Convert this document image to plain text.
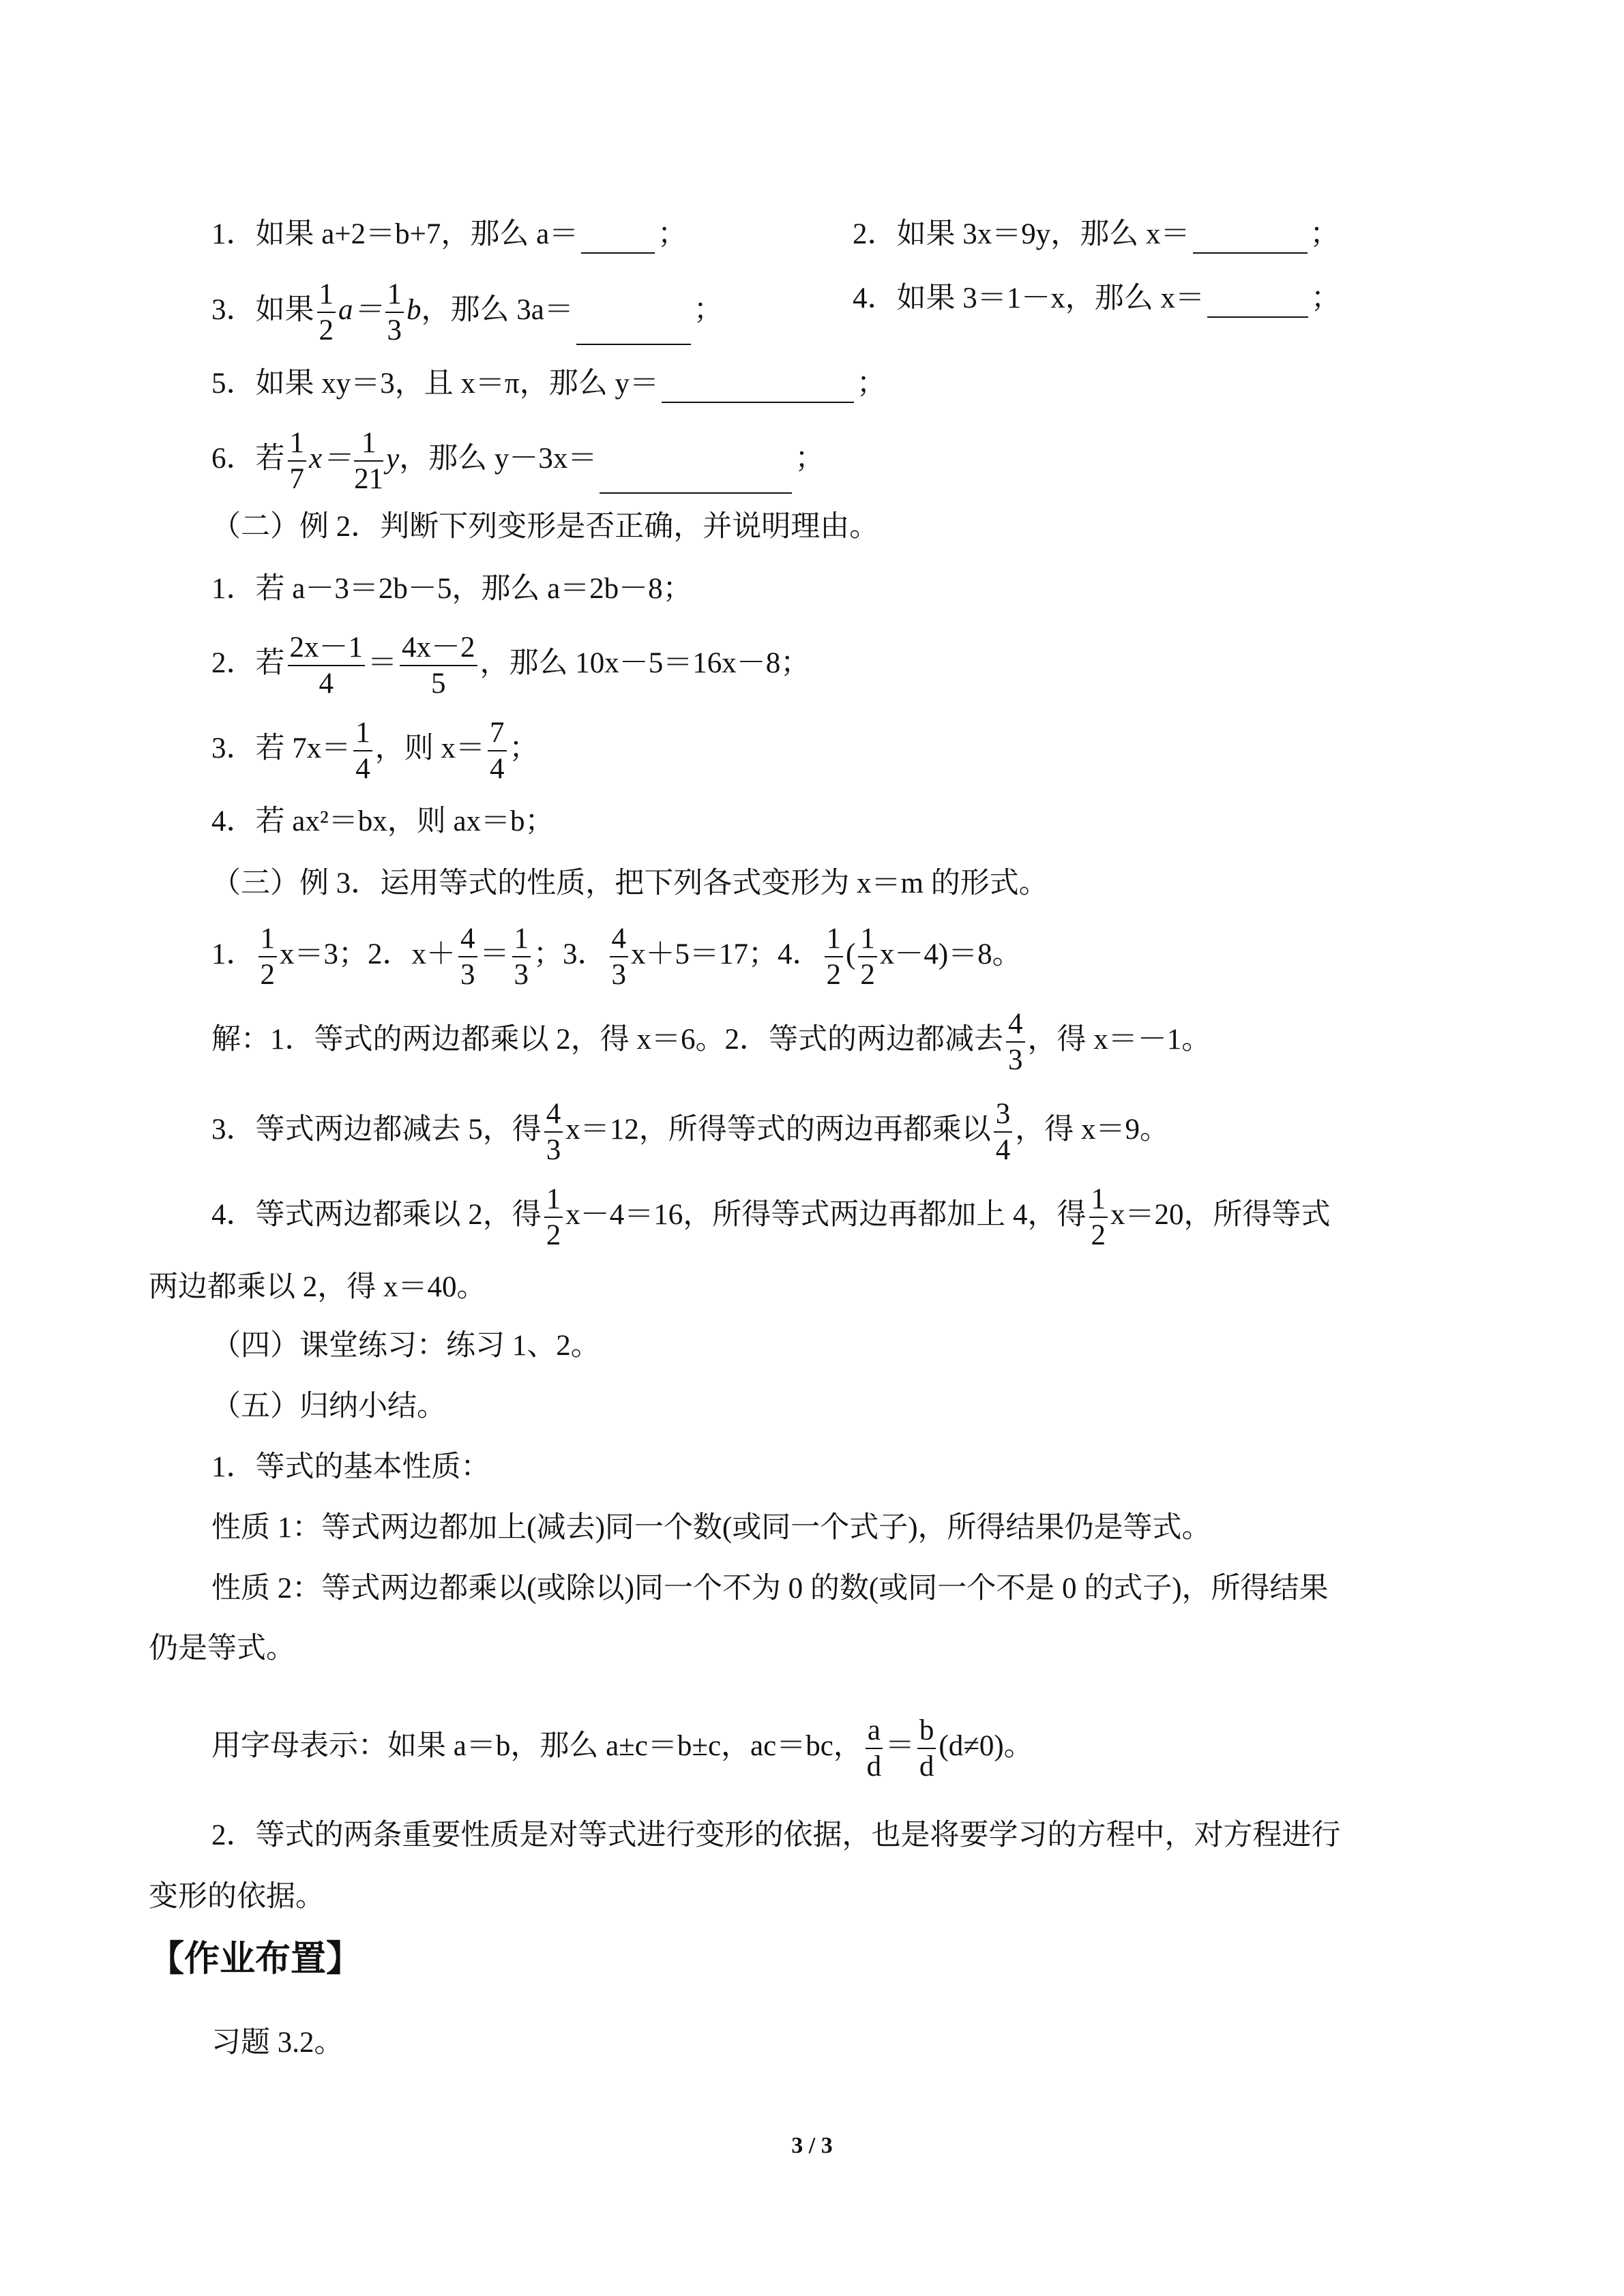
1．如果 a+2＝b+7，那么 a＝	；	2．如果 3x＝9y，那么 x＝	；
3．如果 $\frac{1}{2} a= \frac{1}{3}$ b，那么 3a＝	；	4．如果 3＝1－x，那么 x＝	；
5．如果 xy＝3，且 x＝π，那么 y＝	；
6．若 $\frac{1}{7} x= \frac{1}{21}$ y，那么 y－3x＝	；
（二）例 2．判断下列变形是否正确，并说明理由。
1．若 a－3＝2b－5，那么 a＝2b－8；
2．若 $\frac{2x-1}{4} = \frac{4x-2}{5}$ ，那么 10x－5＝16x－8；
3．若 $7x= \frac{1}{4}$ ，则 $x= \frac{7}{4}$ ；
4．若 ax²＝bx，则 ax＝b；
（三）例 3．运用等式的性质，把下列各式变形为 x＝m 的形式。
1． $\frac{1}{2} x=3$；2．$x+ \frac{4}{3} = \frac{1}{3}$ ；3． $\frac{4}{3} x+5=17$；4． $\frac{1}{2}$ ( $\frac{1}{2} x-4)=8$。
解：1．等式的两边都乘以 2，得 x＝6。2．等式的两边都减去 $\frac{4}{3}$ ，得 x＝－1。
3．等式两边都减去 5，得 $\frac{4}{3} x=12$，所得等式的两边再都乘以 $\frac{3}{4}$ ，得 x＝9。
4．等式两边都乘以 2，得 $\frac{1}{2} x-4=16$，所得等式两边再都加上 4，得 $\frac{1}{2} x=20$，所得等式
两边都乘以 2，得 x＝40。
（四）课堂练习：练习 1、2。
（五）归纳小结。
1．等式的基本性质：
性质 1：等式两边都加上(减去)同一个数(或同一个式子)，所得结果仍是等式。
性质 2：等式两边都乘以(或除以)同一个不为 0 的数(或同一个不是 0 的式子)，所得结果
仍是等式。
用字母表示：如果 a＝b，那么 a±c＝b±c，ac＝bc， $\frac{a}{d} = \frac{b}{d} (d\ne 0)$。
2．等式的两条重要性质是对等式进行变形的依据，也是将要学习的方程中，对方程进行
变形的依据。
【作业布置】
习题 3.2。
3 / 3
